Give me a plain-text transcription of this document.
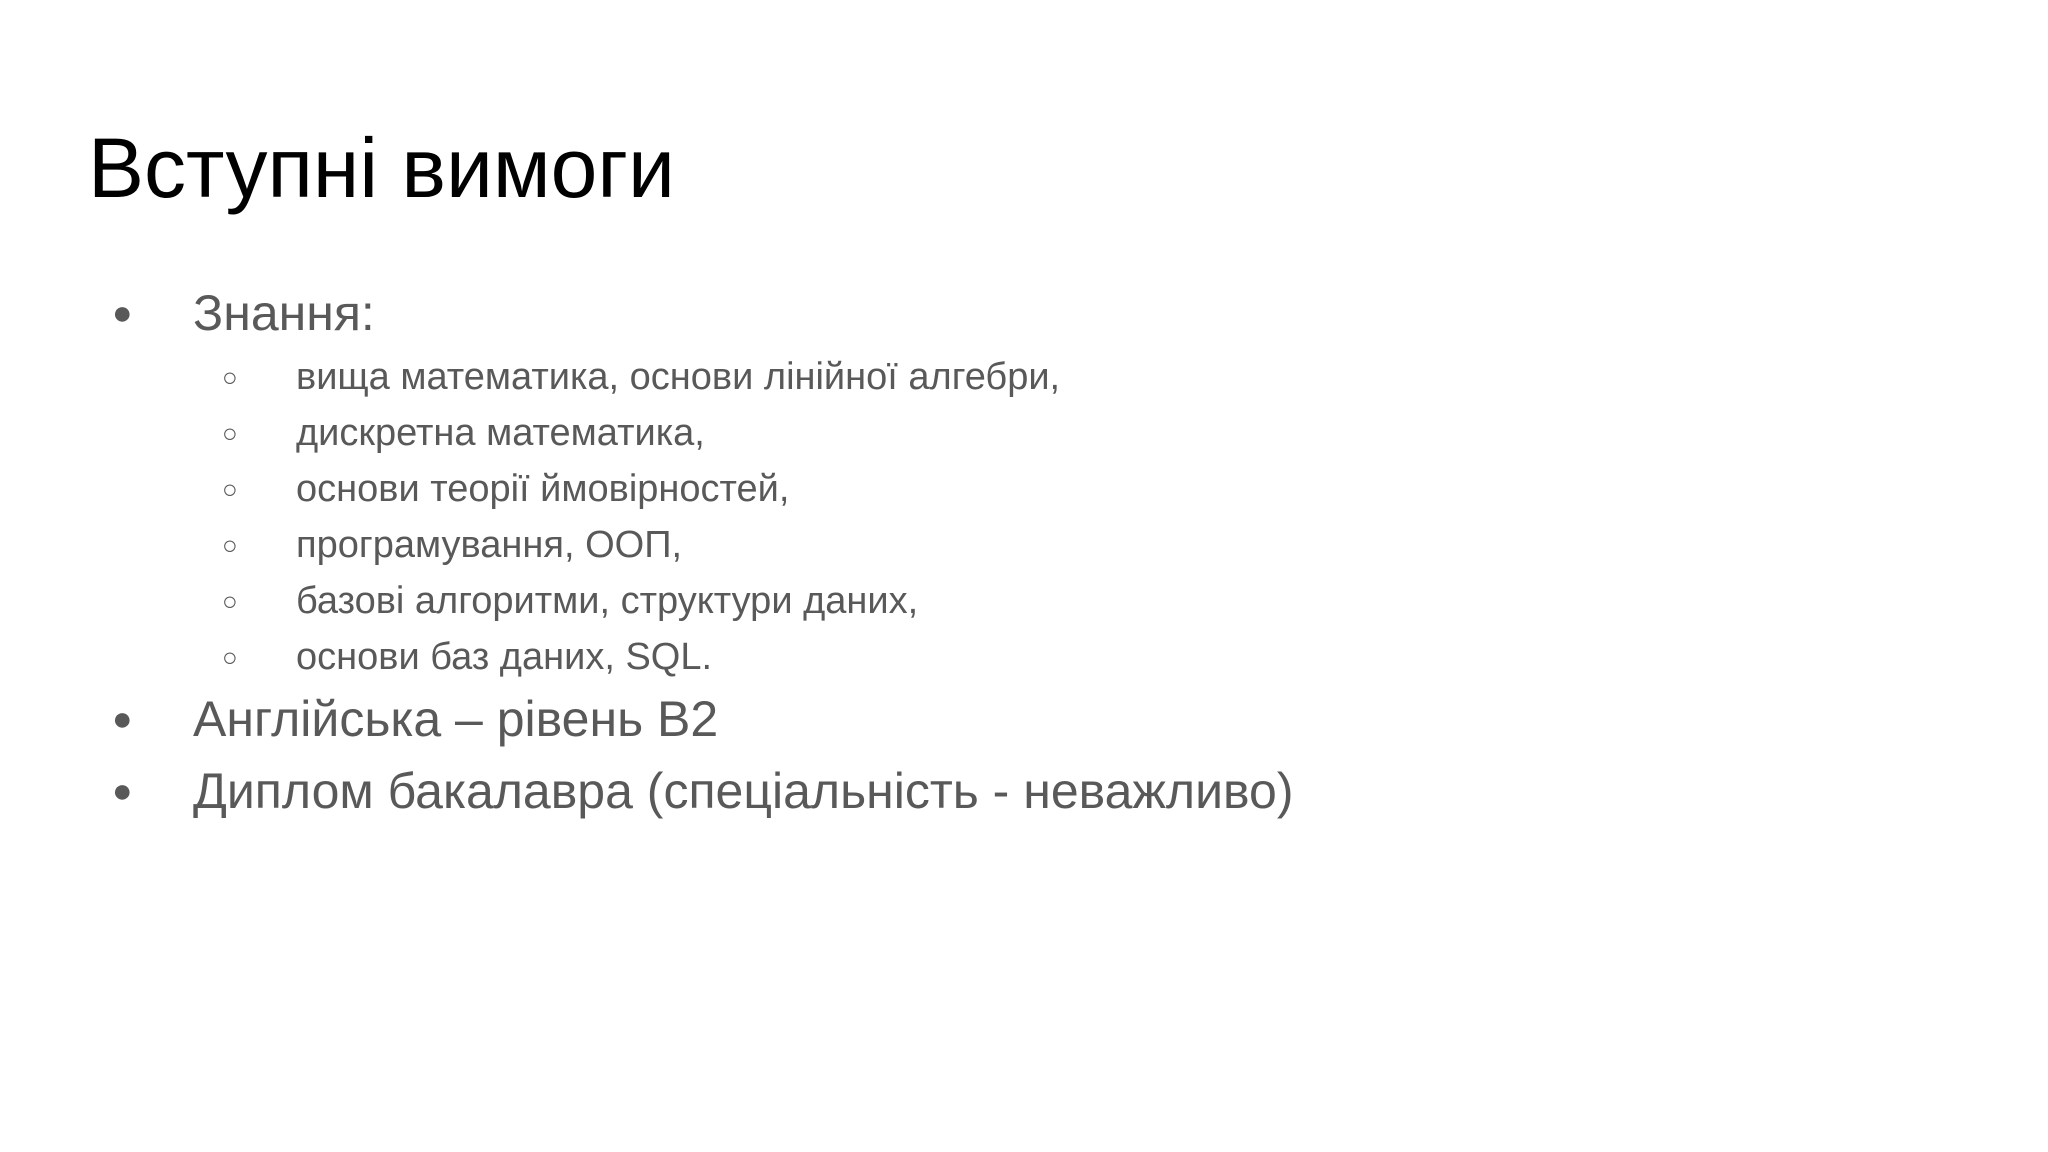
Вступні вимоги
● Знання:
○ вища математика, основи лінійної алгебри,
○ дискретна математика,
○ основи теорії ймовірностей,
○ програмування, ООП,
○ базові алгоритми, структури даних,
○ основи баз даних, SQL.
● Англійська – рівень B2
● Диплом бакалавра (спеціальність - неважливо)
